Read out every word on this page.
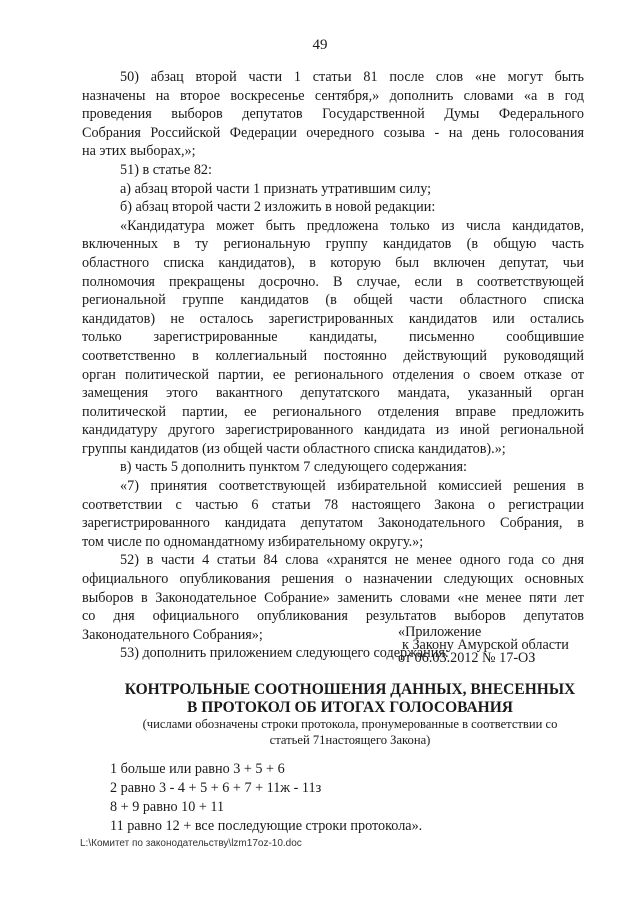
49

50) абзац второй части 1 статьи 81 после слов «не могут быть

назначены на второе воскресенье сентября,» дополнить словами «а в год

проведения выборов депутатов Государственной Думы Федерального

Собрания Российской Федерации очередного созыва - на день голосования

на этих выборах,»;

51) в статье 82:

а) абзац второй части 1 признать утратившим силу;

б) абзац второй части 2 изложить в новой редакции:

«Кандидатура может быть предложена только из числа кандидатов,

включенных в ту региональную группу кандидатов (в общую часть

областного списка кандидатов), в которую был включен депутат, чьи

полномочия прекращены досрочно. В случае, если в соответствующей

региональной группе кандидатов (в общей части областного списка

кандидатов) не осталось зарегистрированных кандидатов или остались

только зарегистрированные кандидаты, письменно сообщившие

соответственно в коллегиальный постоянно действующий руководящий

орган политической партии, ее регионального отделения о своем отказе от

замещения этого вакантного депутатского мандата, указанный орган

политической партии, ее регионального отделения вправе предложить

кандидатуру другого зарегистрированного кандидата из иной региональной

группы кандидатов (из общей части областного списка кандидатов).»;

в) часть 5 дополнить пунктом 7 следующего содержания:

«7) принятия соответствующей избирательной комиссией решения в

соответствии с частью 6 статьи 78 настоящего Закона о регистрации

зарегистрированного кандидата депутатом Законодательного Собрания, в

том числе по одномандатному избирательному округу.»;

52) в части 4 статьи 84 слова «хранятся не менее одного года со дня

официального опубликования решения о назначении следующих основных

выборов в Законодательное Собрание» заменить словами «не менее пяти лет

со дня официального опубликования результатов выборов депутатов

Законодательного Собрания»;

53) дополнить приложением следующего содержания:

«Приложение
к Закону Амурской области
от 06.03.2012 № 17-ОЗ
КОНТРОЛЬНЫЕ СООТНОШЕНИЯ ДАННЫХ, ВНЕСЕННЫХ
В ПРОТОКОЛ ОБ ИТОГАХ ГОЛОСОВАНИЯ
(числами обозначены строки протокола, пронумерованные в соответствии со
статьей 71настоящего Закона)
1 больше или равно 3 + 5 + 6
2 равно 3 - 4 + 5 + 6 + 7 + 11ж - 11з
8 + 9 равно 10 + 11
11 равно 12 + все последующие строки протокола».
L:\Комитет по законодательству\lzm17oz-10.doc
